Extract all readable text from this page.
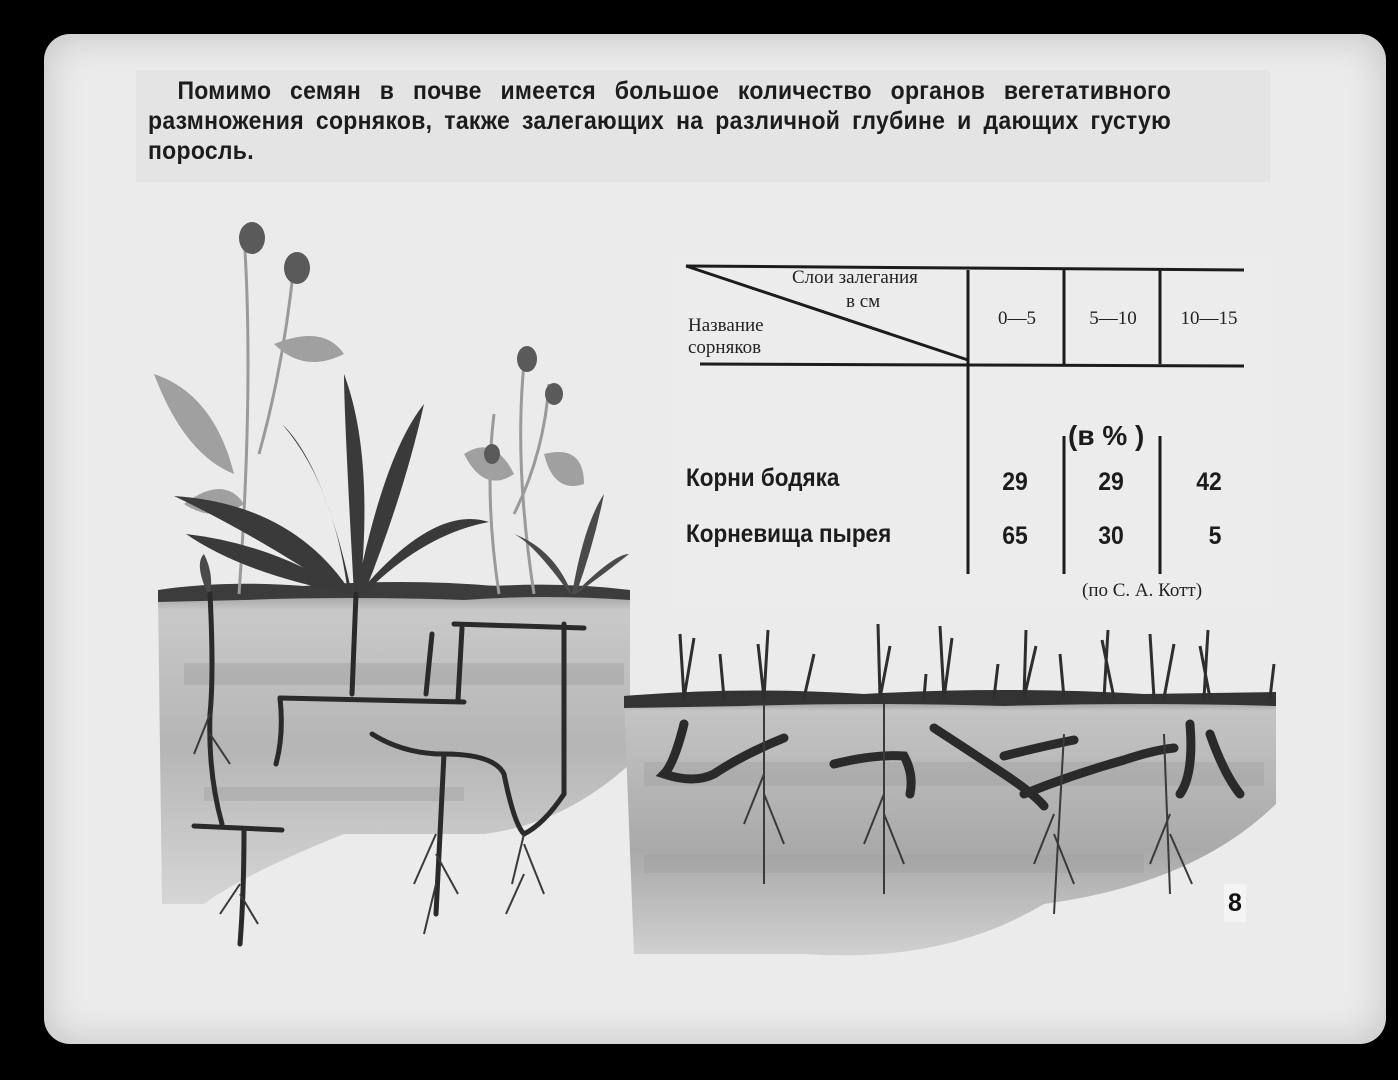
Помимо семян в почве имеется большое количество органов вегетативного размножения сорняков, также залегающих на различной глубине и дающих густую поросль.
Слои залегания
в см
Название
сорняков
0—5	5—10	10—15
(в % )
Корни бодяка	29	29	42
Корневища пырея	65	30	5
(по С. А. Котт)
8
